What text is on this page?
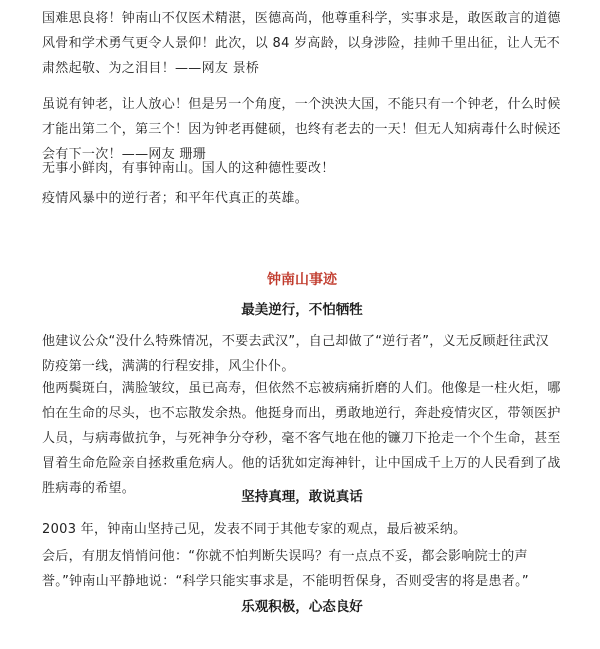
国难思良将！钟南山不仅医术精湛，医德高尚，他尊重科学，实事求是，敢医敢言的道德风骨和学术勇气更令人景仰！此次，以 84 岁高龄，以身涉险，挂帅千里出征，让人无不肃然起敬、为之泪目！——网友 景桥

虽说有钟老，让人放心！但是另一个角度，一个泱泱大国，不能只有一个钟老，什么时候才能出第二个，第三个！因为钟老再健硕，也终有老去的一天！但无人知病毒什么时候还会有下一次！——网友 珊珊

无事小鲜肉，有事钟南山。国人的这种德性要改！

疫情风暴中的逆行者；和平年代真正的英雄。

钟南山事迹
最美逆行，不怕牺牲

他建议公众“没什么特殊情况，不要去武汉”，自己却做了“逆行者”，义无反顾赶往武汉防疫第一线，满满的行程安排，风尘仆仆。

他两鬓斑白，满脸皱纹，虽已高寿，但依然不忘被病痛折磨的人们。他像是一柱火炬，哪怕在生命的尽头，也不忘散发余热。他挺身而出，勇敢地逆行，奔赴疫情灾区，带领医护人员，与病毒做抗争，与死神争分夺秒，毫不客气地在他的镰刀下抢走一个个生命，甚至冒着生命危险亲自拯救重危病人。他的话犹如定海神针，让中国成千上万的人民看到了战胜病毒的希望。

坚持真理，敢说真话

2003 年，钟南山坚持己见，发表不同于其他专家的观点，最后被采纳。

会后，有朋友悄悄问他：“你就不怕判断失误吗？有一点点不妥，都会影响院士的声誉。”钟南山平静地说：“科学只能实事求是，不能明哲保身，否则受害的将是患者。”

乐观积极，心态良好
